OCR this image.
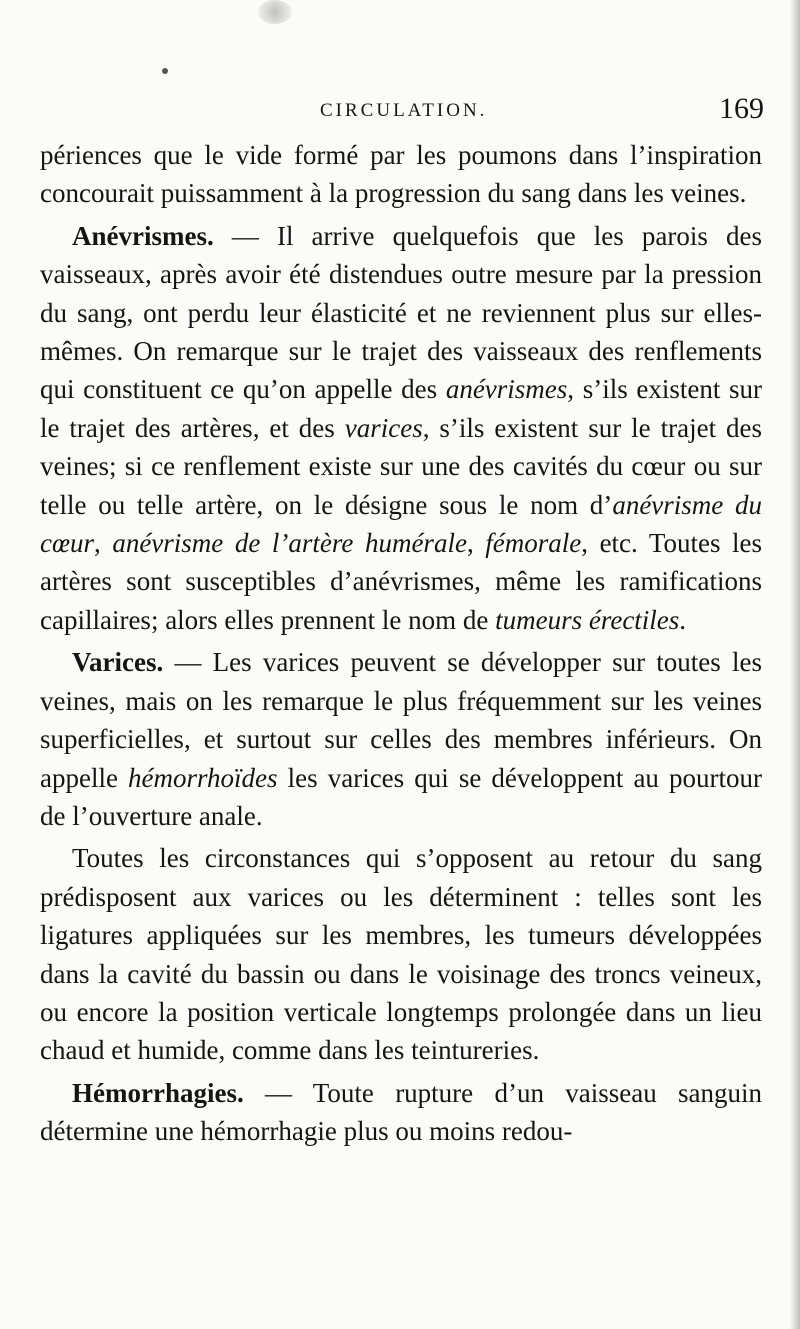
CIRCULATION.	169

périences que le vide formé par les poumons dans l’inspiration concourait puissamment à la progression du sang dans les veines.

Anévrismes. — Il arrive quelquefois que les parois des vaisseaux, après avoir été distendues outre mesure par la pression du sang, ont perdu leur élasticité et ne reviennent plus sur elles-mêmes. On remarque sur le trajet des vaisseaux des renflements qui constituent ce qu’on appelle des anévrismes, s’ils existent sur le trajet des artères, et des varices, s’ils existent sur le trajet des veines; si ce renflement existe sur une des cavités du cœur ou sur telle ou telle artère, on le désigne sous le nom d’anévrisme du cœur, anévrisme de l’artère humérale, fémorale, etc. Toutes les artères sont susceptibles d’anévrismes, même les ramifications capillaires; alors elles prennent le nom de tumeurs érectiles.

Varices. — Les varices peuvent se développer sur toutes les veines, mais on les remarque le plus fréquemment sur les veines superficielles, et surtout sur celles des membres inférieurs. On appelle hémorrhoïdes les varices qui se développent au pourtour de l’ouverture anale.

Toutes les circonstances qui s’opposent au retour du sang prédisposent aux varices ou les déterminent : telles sont les ligatures appliquées sur les membres, les tumeurs développées dans la cavité du bassin ou dans le voisinage des troncs veineux, ou encore la position verticale longtemps prolongée dans un lieu chaud et humide, comme dans les teintureries.

Hémorrhagies. — Toute rupture d’un vaisseau sanguin détermine une hémorrhagie plus ou moins redou-
